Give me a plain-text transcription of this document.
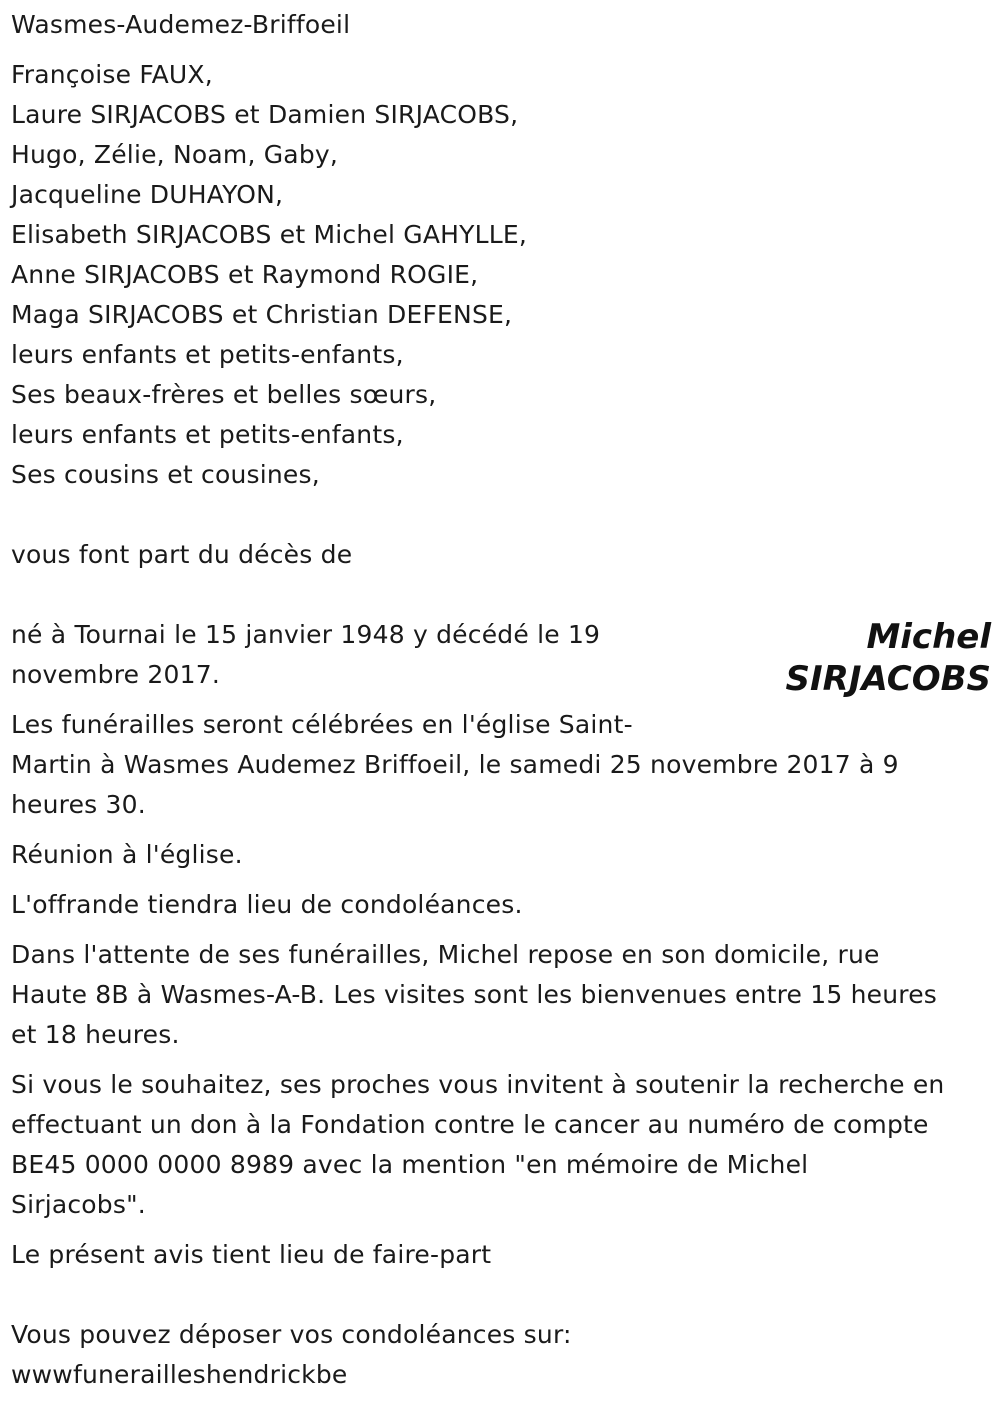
Wasmes-Audemez-Briffoeil
Françoise FAUX,
Laure SIRJACOBS et Damien SIRJACOBS,
Hugo, Zélie, Noam, Gaby,
Jacqueline DUHAYON,
Elisabeth SIRJACOBS et Michel GAHYLLE,
Anne SIRJACOBS et Raymond ROGIE,
Maga SIRJACOBS et Christian DEFENSE,
leurs enfants et petits-enfants,
Ses beaux-frères et belles sœurs,
leurs enfants et petits-enfants,
Ses cousins et cousines,
vous font part du décès de
né à Tournai le 15 janvier 1948 y décédé le 19
novembre 2017.
Les funérailles seront célébrées en l'église Saint-
Martin à Wasmes Audemez Briffoeil, le samedi 25 novembre 2017 à 9
heures 30.
Réunion à l'église.
L'offrande tiendra lieu de condoléances.
Dans l'attente de ses funérailles, Michel repose en son domicile, rue
Haute 8B à Wasmes-A-B. Les visites sont les bienvenues entre 15 heures
et 18 heures.
Si vous le souhaitez, ses proches vous invitent à soutenir la recherche en
effectuant un don à la Fondation contre le cancer au numéro de compte
BE45 0000 0000 8989 avec la mention "en mémoire de Michel
Sirjacobs".
Le présent avis tient lieu de faire-part
Vous pouvez déposer vos condoléances sur:
wwwfunerailleshendrickbe
Michel
SIRJACOBS
